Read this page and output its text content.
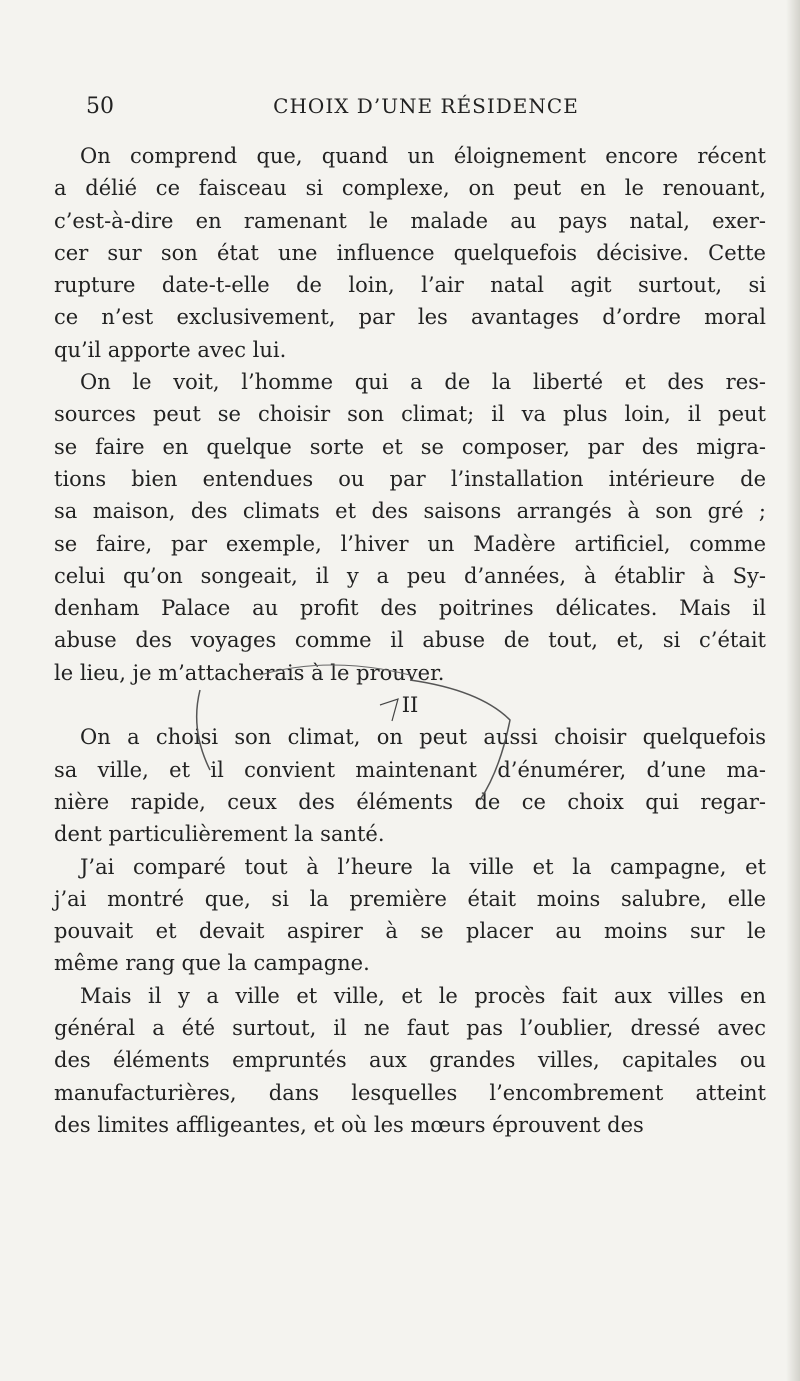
50	CHOIX D’UNE RÉSIDENCE
On comprend que, quand un éloignement encore récent
a délié ce faisceau si complexe, on peut en le renouant,
c’est-à-dire en ramenant le malade au pays natal, exer-
cer sur son état une influence quelquefois décisive. Cette
rupture date-t-elle de loin, l’air natal agit surtout, si
ce n’est exclusivement, par les avantages d’ordre moral
qu’il apporte avec lui.
On le voit, l’homme qui a de la liberté et des res-
sources peut se choisir son climat; il va plus loin, il peut
se faire en quelque sorte et se composer, par des migra-
tions bien entendues ou par l’installation intérieure de
sa maison, des climats et des saisons arrangés à son gré ;
se faire, par exemple, l’hiver un Madère artificiel, comme
celui qu’on songeait, il y a peu d’années, à établir à Sy-
denham Palace au profit des poitrines délicates. Mais il
abuse des voyages comme il abuse de tout, et, si c’était
le lieu, je m’attacherais à le prouver.
II
On a choisi son climat, on peut aussi choisir quelquefois
sa ville, et il convient maintenant d’énumérer, d’une ma-
nière rapide, ceux des éléments de ce choix qui regar-
dent particulièrement la santé.
J’ai comparé tout à l’heure la ville et la campagne, et
j’ai montré que, si la première était moins salubre, elle
pouvait et devait aspirer à se placer au moins sur le
même rang que la campagne.
Mais il y a ville et ville, et le procès fait aux villes en
général a été surtout, il ne faut pas l’oublier, dressé avec
des éléments empruntés aux grandes villes, capitales ou
manufacturières, dans lesquelles l’encombrement atteint
des limites affligeantes, et où les mœurs éprouvent des
